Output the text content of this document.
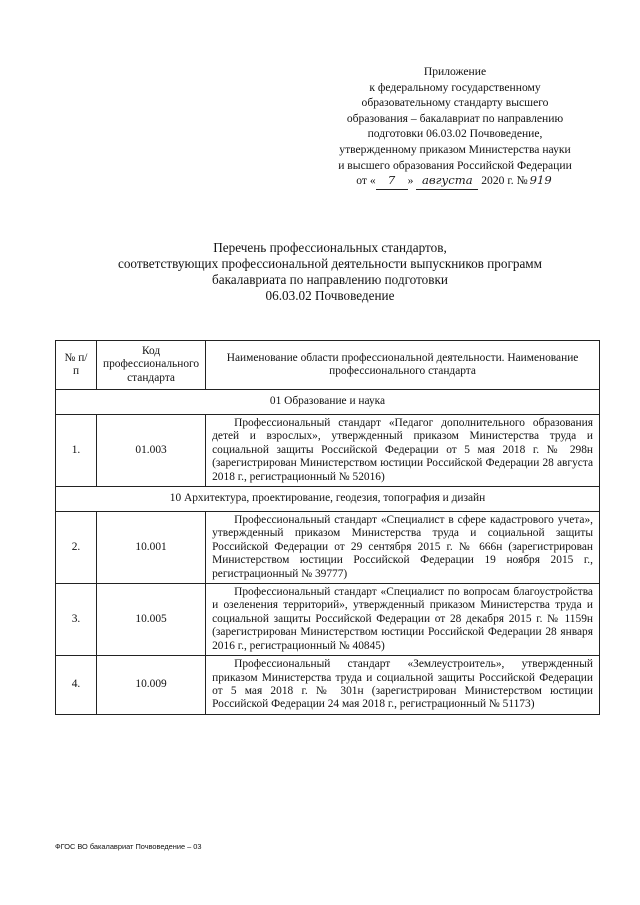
Приложение
к федеральному государственному
образовательному стандарту высшего
образования – бакалавриат по направлению
подготовки 06.03.02 Почвоведение,
утвержденному приказом Министерства науки
и высшего образования Российской Федерации
от « 7 » августа 2020 г. № 919
Перечень профессиональных стандартов,
соответствующих профессиональной деятельности выпускников программ
бакалавриата по направлению подготовки
06.03.02 Почвоведение
№ п/п	Код профессионального стандарта	Наименование области профессиональной деятельности. Наименование профессионального стандарта
01 Образование и наука		
1.	01.003	Профессиональный стандарт «Педагог дополнительного образования детей и взрослых», утвержденный приказом Министерства труда и социальной защиты Российской Федерации от 5 мая 2018 г. № 298н (зарегистрирован Министерством юстиции Российской Федерации 28 августа 2018 г., регистрационный № 52016)
10 Архитектура, проектирование, геодезия, топография и дизайн		
2.	10.001	Профессиональный стандарт «Специалист в сфере кадастрового учета», утвержденный приказом Министерства труда и социальной защиты Российской Федерации от 29 сентября 2015 г. № 666н (зарегистрирован Министерством юстиции Российской Федерации 19 ноября 2015 г., регистрационный № 39777)
3.	10.005	Профессиональный стандарт «Специалист по вопросам благоустройства и озеленения территорий», утвержденный приказом Министерства труда и социальной защиты Российской Федерации от 28 декабря 2015 г. № 1159н (зарегистрирован Министерством юстиции Российской Федерации 28 января 2016 г., регистрационный № 40845)
4.	10.009	Профессиональный стандарт «Землеустроитель», утвержденный приказом Министерства труда и социальной защиты Российской Федерации от 5 мая 2018 г. № 301н (зарегистрирован Министерством юстиции Российской Федерации 24 мая 2018 г., регистрационный № 51173)
ФГОС ВО бакалавриат Почвоведение – 03
